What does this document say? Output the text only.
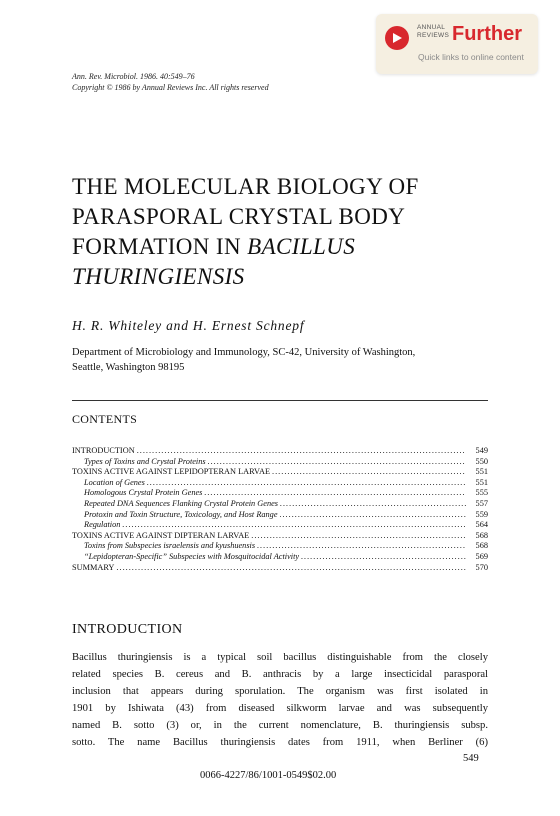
ANNUAL
REVIEWS Further
Quick links to online content
Ann. Rev. Microbiol. 1986. 40:549–76
Copyright © 1986 by Annual Reviews Inc. All rights reserved
THE MOLECULAR BIOLOGY OF
PARASPORAL CRYSTAL BODY
FORMATION IN BACILLUS
THURINGIENSIS
H. R. Whiteley and H. Ernest Schnepf
Department of Microbiology and Immunology, SC-42, University of Washington,
Seattle, Washington 98195
CONTENTS
INTRODUCTION .....	549
Types of Toxins and Crystal Proteins .....	550
TOXINS ACTIVE AGAINST LEPIDOPTERAN LARVAE .....	551
Location of Genes .....	551
Homologous Crystal Protein Genes .....	555
Repeated DNA Sequences Flanking Crystal Protein Genes .....	557
Protoxin and Toxin Structure, Toxicology, and Host Range .....	559
Regulation .....	564
TOXINS ACTIVE AGAINST DIPTERAN LARVAE .....	568
Toxins from Subspecies israelensis and kyushuensis .....	568
“Lepidopteran-Specific” Subspecies with Mosquitocidal Activity .....	569
SUMMARY .....	570
INTRODUCTION

Bacillus thuringiensis is a typical soil bacillus distinguishable from the closely
related species B. cereus and B. anthracis by a large insecticidal parasporal
inclusion that appears during sporulation. The organism was first isolated in
1901 by Ishiwata (43) from diseased silkworm larvae and was subsequently
named B. sotto (3) or, in the current nomenclature, B. thuringiensis subsp.
sotto. The name Bacillus thuringiensis dates from 1911, when Berliner (6)

549
0066-4227/86/1001-0549$02.00
